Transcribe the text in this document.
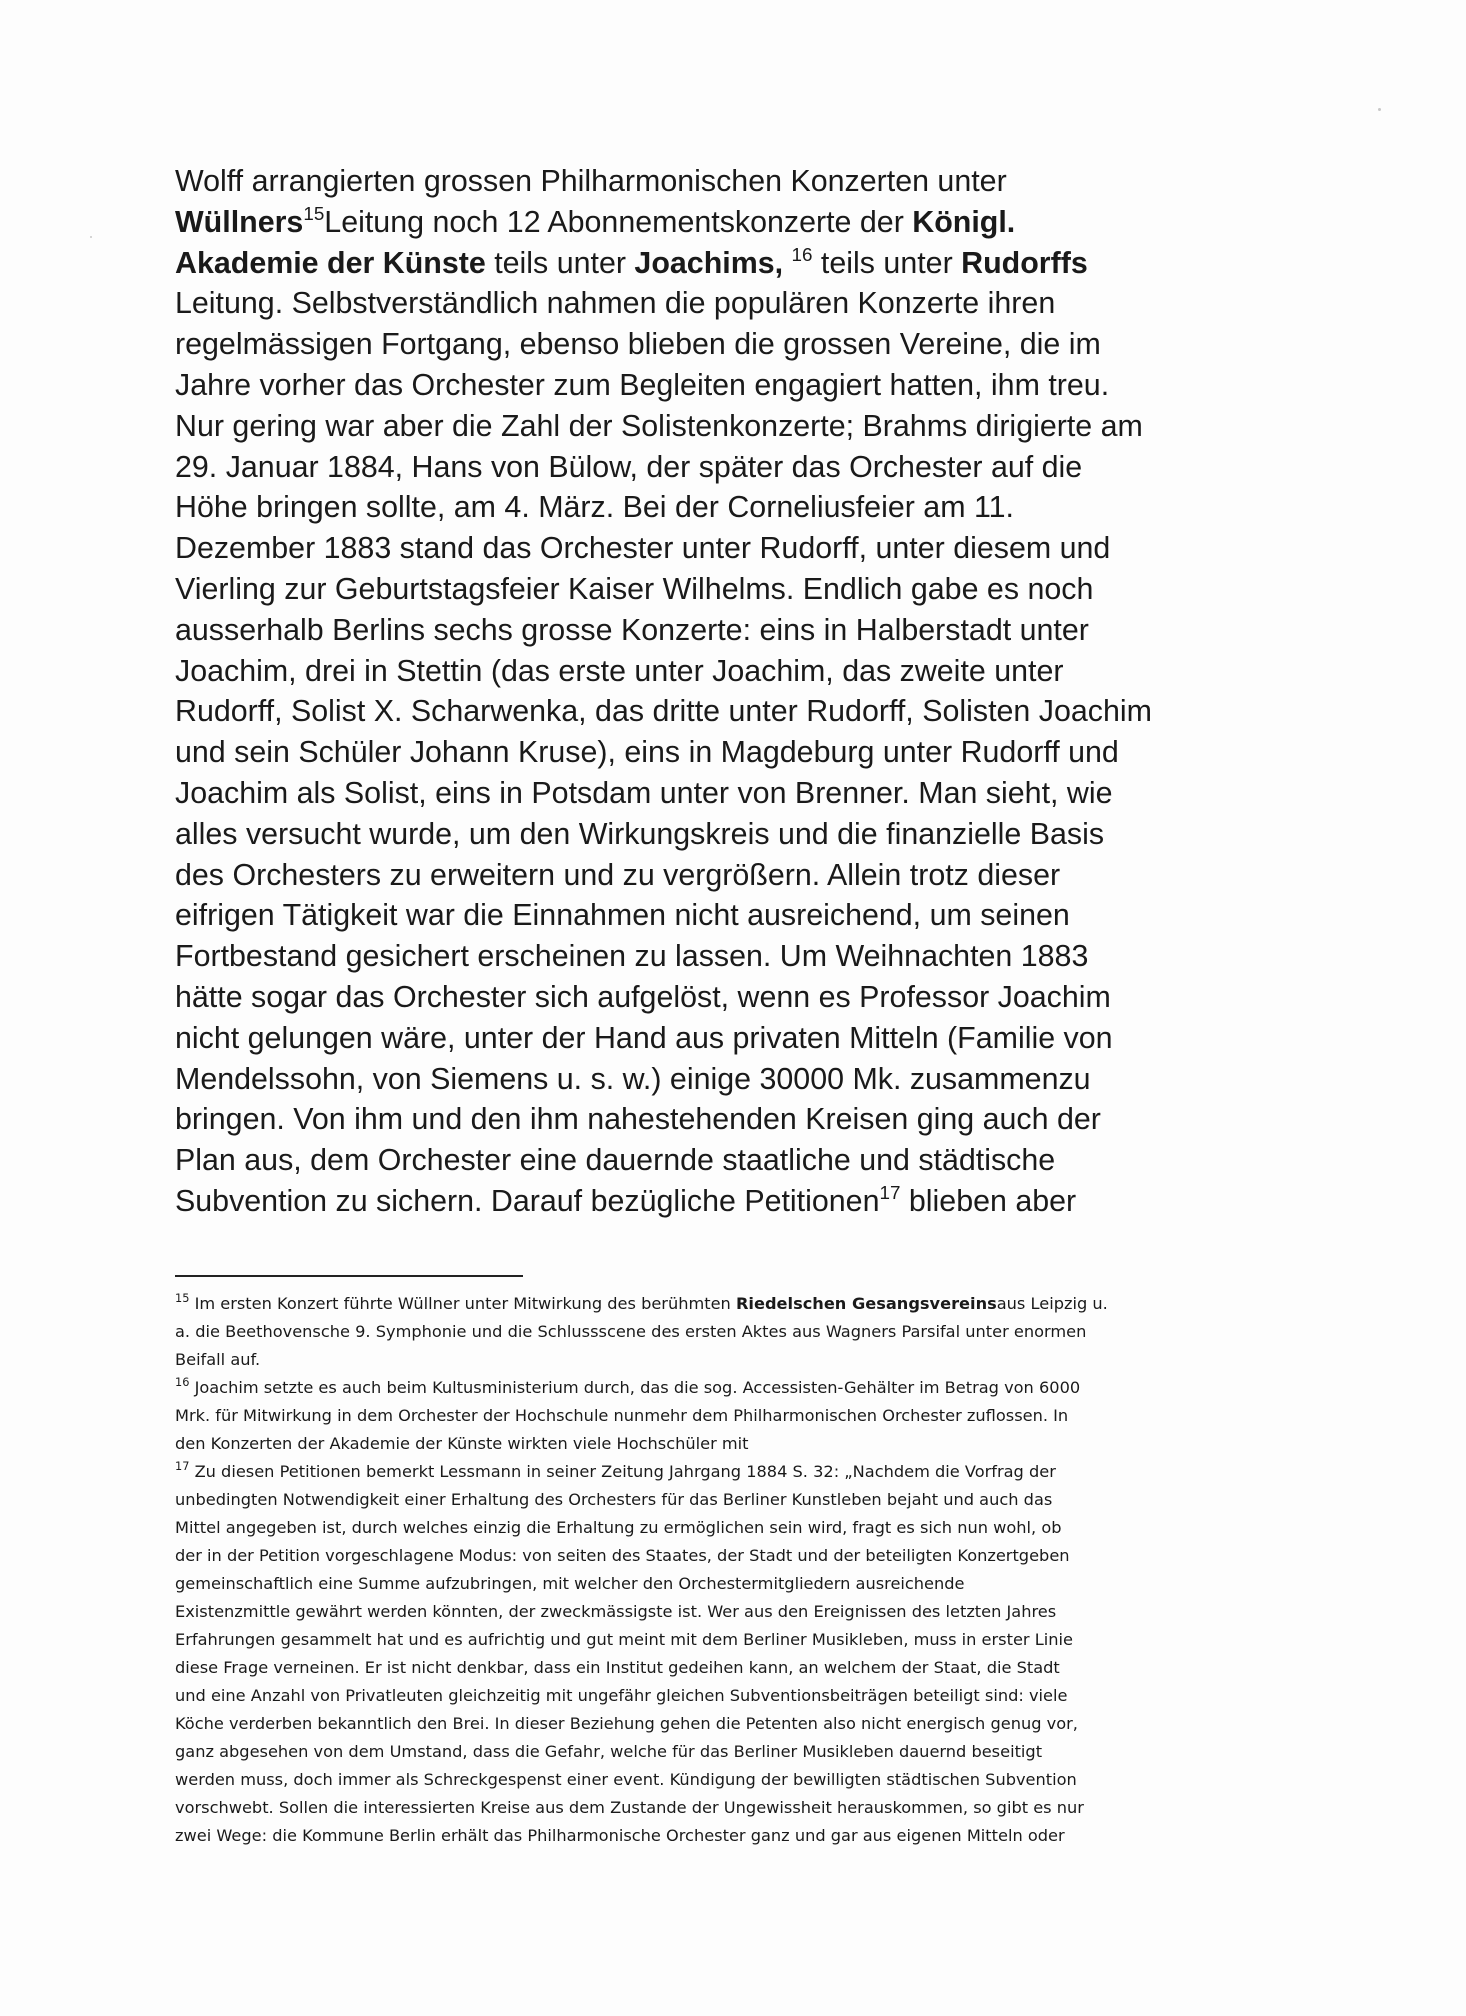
Wolff arrangierten grossen Philharmonischen Konzerten unter
Wüllners$^{15}$Leitung noch 12 Abonnementskonzerte der Königl.
Akademie der Künste teils unter Joachims, $^{16}$ teils unter Rudorffs
Leitung. Selbstverständlich nahmen die populären Konzerte ihren
regelmässigen Fortgang, ebenso blieben die grossen Vereine, die im
Jahre vorher das Orchester zum Begleiten engagiert hatten, ihm treu.
Nur gering war aber die Zahl der Solistenkonzerte; Brahms dirigierte am
29. Januar 1884, Hans von Bülow, der später das Orchester auf die
Höhe bringen sollte, am 4. März. Bei der Corneliusfeier am 11.
Dezember 1883 stand das Orchester unter Rudorff, unter diesem und
Vierling zur Geburtstagsfeier Kaiser Wilhelms. Endlich gabe es noch
ausserhalb Berlins sechs grosse Konzerte: eins in Halberstadt unter
Joachim, drei in Stettin (das erste unter Joachim, das zweite unter
Rudorff, Solist X. Scharwenka, das dritte unter Rudorff, Solisten Joachim
und sein Schüler Johann Kruse), eins in Magdeburg unter Rudorff und
Joachim als Solist, eins in Potsdam unter von Brenner. Man sieht, wie
alles versucht wurde, um den Wirkungskreis und die finanzielle Basis
des Orchesters zu erweitern und zu vergrößern. Allein trotz dieser
eifrigen Tätigkeit war die Einnahmen nicht ausreichend, um seinen
Fortbestand gesichert erscheinen zu lassen. Um Weihnachten 1883
hätte sogar das Orchester sich aufgelöst, wenn es Professor Joachim
nicht gelungen wäre, unter der Hand aus privaten Mitteln (Familie von
Mendelssohn, von Siemens u. s. w.) einige 30000 Mk. zusammenzu
bringen. Von ihm und den ihm nahestehenden Kreisen ging auch der
Plan aus, dem Orchester eine dauernde staatliche und städtische
Subvention zu sichern. Darauf bezügliche Petitionen$^{17}$ blieben aber
$^{15}$ Im ersten Konzert führte Wüllner unter Mitwirkung des berühmten Riedelschen Gesangsvereinsaus Leipzig u.
a. die Beethovensche 9. Symphonie und die Schlussscene des ersten Aktes aus Wagners Parsifal unter enormen
Beifall auf.
$^{16}$ Joachim setzte es auch beim Kultusministerium durch, das die sog. Accessisten-Gehälter im Betrag von 6000
Mrk. für Mitwirkung in dem Orchester der Hochschule nunmehr dem Philharmonischen Orchester zuflossen. In
den Konzerten der Akademie der Künste wirkten viele Hochschüler mit
$^{17}$ Zu diesen Petitionen bemerkt Lessmann in seiner Zeitung Jahrgang 1884 S. 32: „Nachdem die Vorfrag der
unbedingten Notwendigkeit einer Erhaltung des Orchesters für das Berliner Kunstleben bejaht und auch das
Mittel angegeben ist, durch welches einzig die Erhaltung zu ermöglichen sein wird, fragt es sich nun wohl, ob
der in der Petition vorgeschlagene Modus: von seiten des Staates, der Stadt und der beteiligten Konzertgeben
gemeinschaftlich eine Summe aufzubringen, mit welcher den Orchestermitgliedern ausreichende
Existenzmittle gewährt werden könnten, der zweckmässigste ist. Wer aus den Ereignissen des letzten Jahres
Erfahrungen gesammelt hat und es aufrichtig und gut meint mit dem Berliner Musikleben, muss in erster Linie
diese Frage verneinen. Er ist nicht denkbar, dass ein Institut gedeihen kann, an welchem der Staat, die Stadt
und eine Anzahl von Privatleuten gleichzeitig mit ungefähr gleichen Subventionsbeiträgen beteiligt sind: viele
Köche verderben bekanntlich den Brei. In dieser Beziehung gehen die Petenten also nicht energisch genug vor,
ganz abgesehen von dem Umstand, dass die Gefahr, welche für das Berliner Musikleben dauernd beseitigt
werden muss, doch immer als Schreckgespenst einer event. Kündigung der bewilligten städtischen Subvention
vorschwebt. Sollen die interessierten Kreise aus dem Zustande der Ungewissheit herauskommen, so gibt es nur
zwei Wege: die Kommune Berlin erhält das Philharmonische Orchester ganz und gar aus eigenen Mitteln oder
